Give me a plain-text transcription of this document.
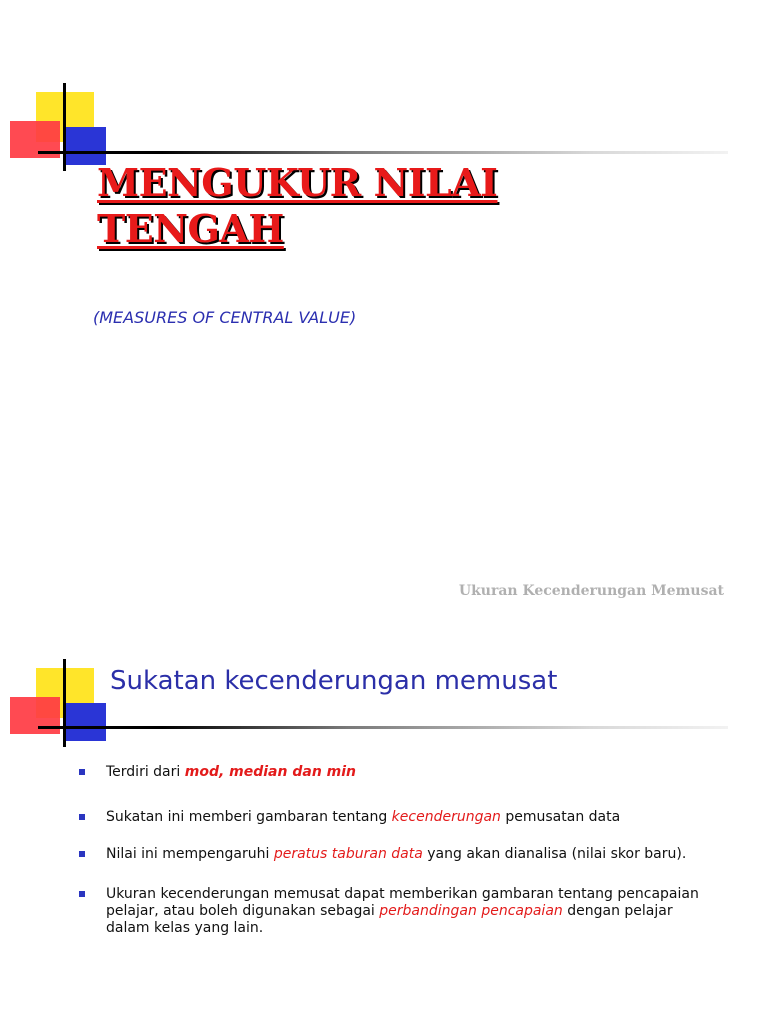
MENGUKUR NILAI
TENGAH
(MEASURES OF CENTRAL VALUE)
Ukuran Kecenderungan Memusat
Sukatan kecenderungan memusat
Terdiri dari mod, median dan min
Sukatan ini memberi gambaran tentang kecenderungan pemusatan data
Nilai ini mempengaruhi peratus taburan data yang akan dianalisa (nilai skor baru).
Ukuran kecenderungan memusat dapat memberikan gambaran tentang pencapaian pelajar, atau boleh digunakan sebagai perbandingan pencapaian dengan pelajar dalam kelas yang lain.
